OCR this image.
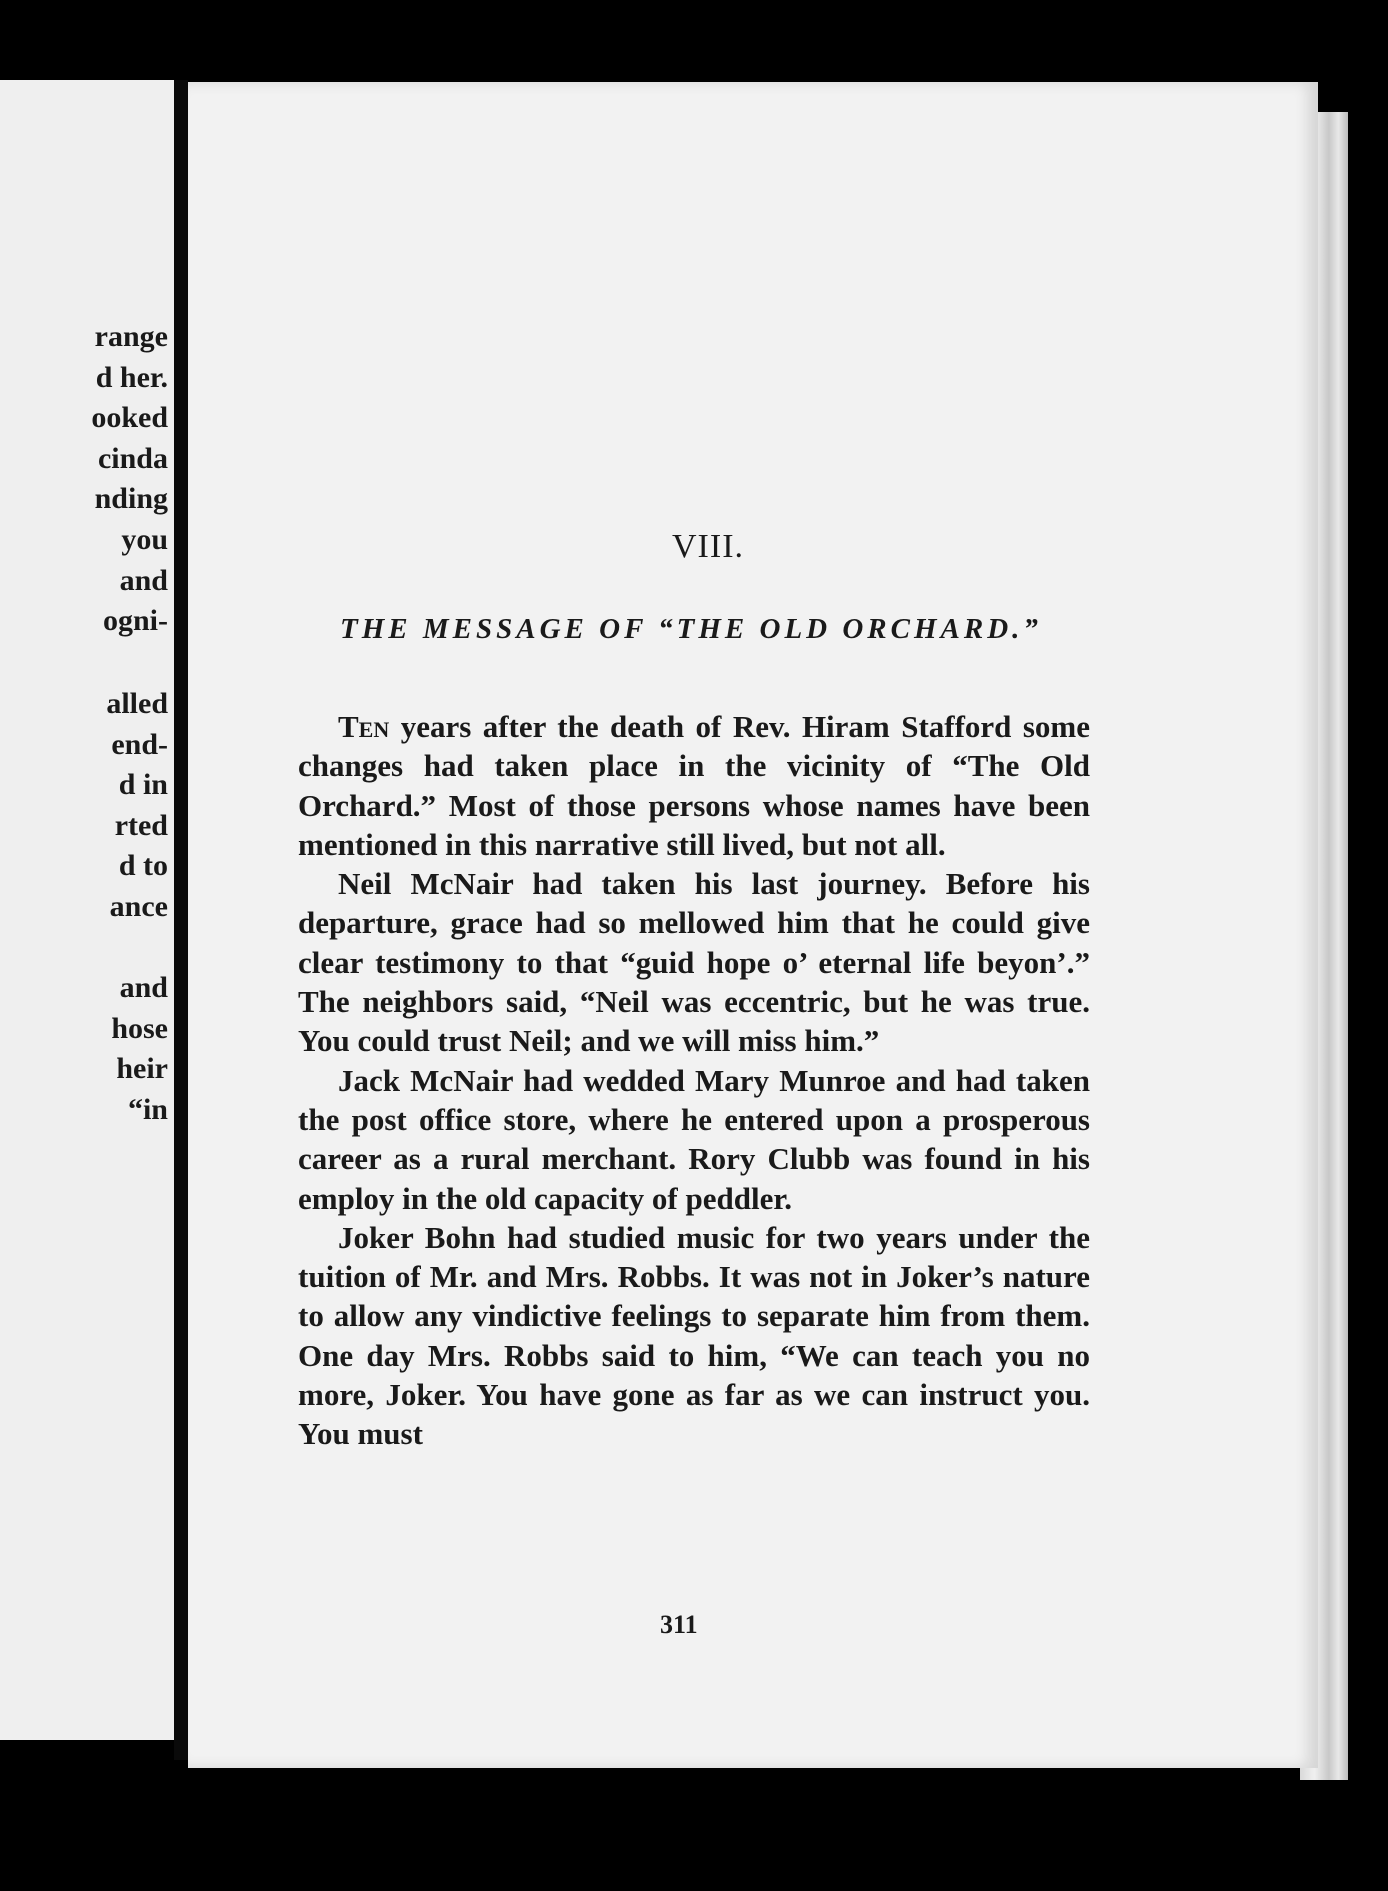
range
d her.
ooked
cinda
nding
you
and
ogni-
alled
end-
d in
rted
d to
ance
and
hose
heir
“in
VIII.
THE MESSAGE OF “THE OLD ORCHARD.”

Ten years after the death of Rev. Hiram Stafford some changes had taken place in the vicinity of “The Old Orchard.” Most of those persons whose names have been mentioned in this narrative still lived, but not all.

Neil McNair had taken his last journey. Before his departure, grace had so mellowed him that he could give clear testimony to that “guid hope o’ eternal life beyon’.” The neighbors said, “Neil was eccentric, but he was true. You could trust Neil; and we will miss him.”

Jack McNair had wedded Mary Munroe and had taken the post office store, where he entered upon a prosperous career as a rural merchant. Rory Clubb was found in his employ in the old capacity of peddler.

Joker Bohn had studied music for two years under the tuition of Mr. and Mrs. Robbs. It was not in Joker’s nature to allow any vindictive feelings to separate him from them. One day Mrs. Robbs said to him, “We can teach you no more, Joker. You have gone as far as we can instruct you. You must

311
